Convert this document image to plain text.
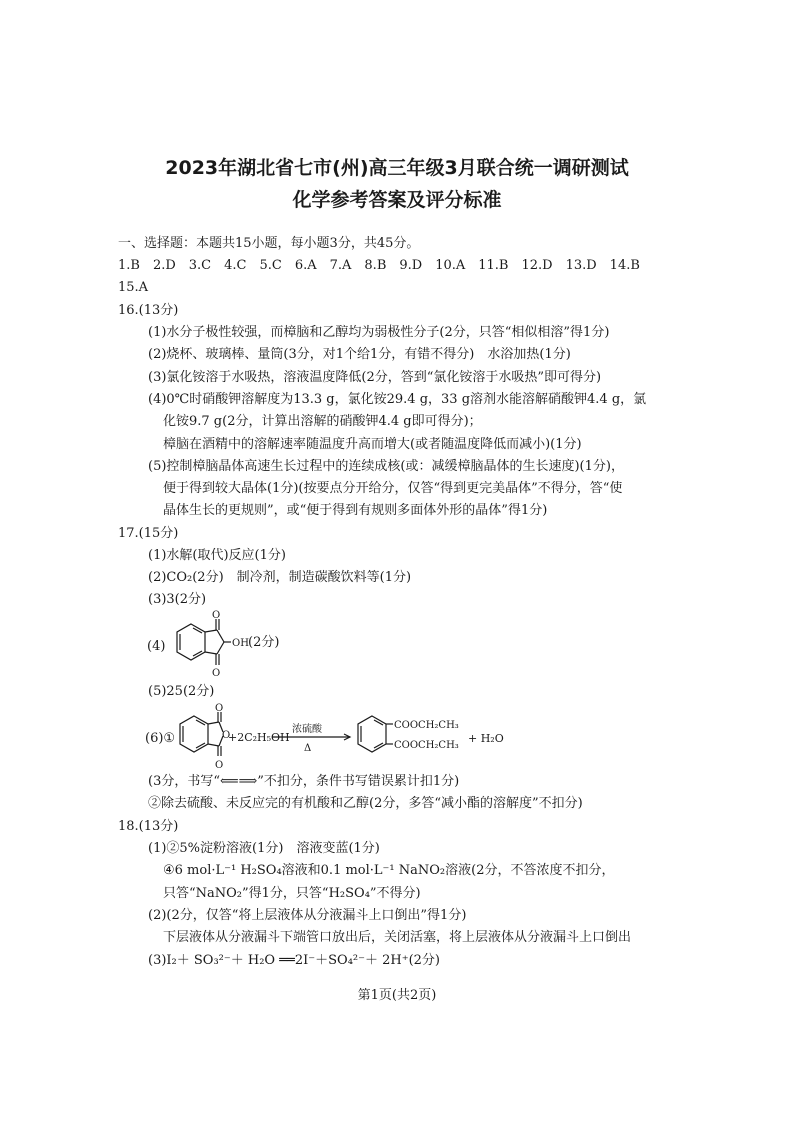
2023年湖北省七市(州)高三年级3月联合统一调研测试
化学参考答案及评分标准
一、选择题：本题共15小题，每小题3分，共45分。
1.B　2.D　3.C　4.C　5.C　6.A　7.A　8.B　9.D　10.A　11.B　12.D　13.D　14.B
15.A
16.(13分)
(1)水分子极性较强，而樟脑和乙醇均为弱极性分子(2分，只答“相似相溶”得1分)
(2)烧杯、玻璃棒、量筒(3分，对1个给1分，有错不得分)　水浴加热(1分)
(3)氯化铵溶于水吸热，溶液温度降低(2分，答到“氯化铵溶于水吸热”即可得分)
(4)0℃时硝酸钾溶解度为13.3 g，氯化铵29.4 g，33 g溶剂水能溶解硝酸钾4.4 g，氯
化铵9.7 g(2分，计算出溶解的硝酸钾4.4 g即可得分)；
樟脑在酒精中的溶解速率随温度升高而增大(或者随温度降低而减小)(1分)
(5)控制樟脑晶体高速生长过程中的连续成核(或：减缓樟脑晶体的生长速度)(1分)，
便于得到较大晶体(1分)(按要点分开给分，仅答“得到更完美晶体”不得分，答“使
晶体生长的更规则”，或“便于得到有规则多面体外形的晶体”得1分)
17.(15分)
(1)水解(取代)反应(1分)
(2)CO₂(2分)　制冷剂，制造碳酸饮料等(1分)
(3)3(2分)
(4)
O
O
OH (2分)
(5)25(2分)
(6)①
O
O
O
+2C₂H₅OH
浓硫酸
Δ
COOCH₂CH₃
COOCH₂CH₃
+ H₂O
(3分，书写“⟸⟹”不扣分，条件书写错误累计扣1分)
②除去硫酸、未反应完的有机酸和乙醇(2分，多答“减小酯的溶解度”不扣分)
18.(13分)
(1)②5%淀粉溶液(1分)　溶液变蓝(1分)
④6 mol·L⁻¹ H₂SO₄溶液和0.1 mol·L⁻¹ NaNO₂溶液(2分，不答浓度不扣分，
只答“NaNO₂”得1分，只答“H₂SO₄”不得分)
(2)(2分，仅答“将上层液体从分液漏斗上口倒出”得1分)
下层液体从分液漏斗下端管口放出后，关闭活塞，将上层液体从分液漏斗上口倒出
(3)I₂＋ SO₃²⁻＋ H₂O ══2I⁻＋SO₄²⁻＋ 2H⁺(2分)
第1页(共2页)
